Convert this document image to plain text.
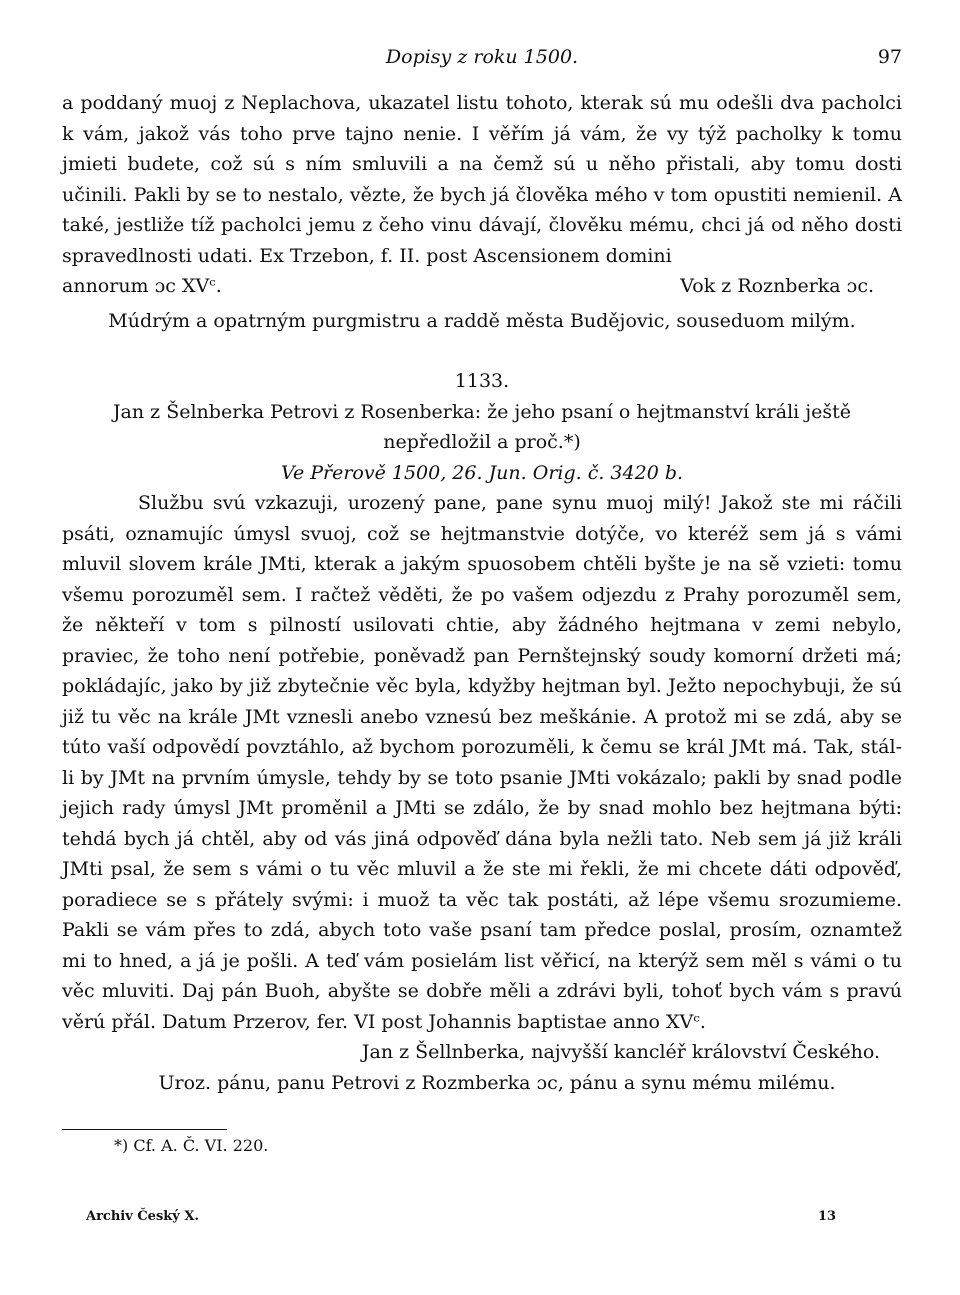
Dopisy z roku 1500.	97

a poddaný muoj z Neplachova, ukazatel listu tohoto, kterak sú mu odešli dva pacholci k vám, jakož vás toho prve tajno nenie. I věřím já vám, že vy týž pacholky k tomu jmieti budete, což sú s ním smluvili a na čemž sú u něho přistali, aby tomu dosti učinili. Pakli by se to nestalo, vězte, že bych já člověka mého v tom opustiti nemienil. A také, jestliže tíž pacholci jemu z čeho vinu dávají, člověku mému, chci já od něho dosti spravedlnosti udati. Ex Trzebon, f. II. post Ascensionem domini

annorum ɔc XVᶜ.	Vok z Roznberka ɔc.
Múdrým a opatrným purgmistru a raddě města Budějovic, souseduom milým.
1133.
Jan z Šelnberka Petrovi z Rosenberka: že jeho psaní o hejtmanství králi ještě nepředložil a proč.*)
Ve Přerově 1500, 26. Jun. Orig. č. 3420 b.

Službu svú vzkazuji, urozený pane, pane synu muoj milý! Jakož ste mi ráčili psáti, oznamujíc úmysl svuoj, což se hejtmanstvie dotýče, vo kteréž sem já s vámi mluvil slovem krále JMti, kterak a jakým spuosobem chtěli byšte je na sě vzieti: tomu všemu porozuměl sem. I račtež věděti, že po vašem odjezdu z Prahy porozuměl sem, že někteří v tom s pilností usilovati chtie, aby žádného hejtmana v zemi nebylo, praviec, že toho není potřebie, poněvadž pan Pernštejnský soudy komorní držeti má; pokládajíc, jako by již zbytečnie věc byla, kdyžby hejtman byl. Ježto nepochybuji, že sú již tu věc na krále JMt vznesli anebo vznesú bez meškánie. A protož mi se zdá, aby se túto vaší odpovědí povztáhlo, až bychom porozuměli, k čemu se král JMt má. Tak, stál-li by JMt na prvním úmysle, tehdy by se toto psanie JMti vokázalo; pakli by snad podle jejich rady úmysl JMt proměnil a JMti se zdálo, že by snad mohlo bez hejtmana býti: tehdá bych já chtěl, aby od vás jiná odpověď dána byla nežli tato. Neb sem já již králi JMti psal, že sem s vámi o tu věc mluvil a že ste mi řekli, že mi chcete dáti odpověď, poradiece se s přátely svými: i muož ta věc tak postáti, až lépe všemu srozumieme. Pakli se vám přes to zdá, abych toto vaše psaní tam předce poslal, prosím, oznamtež mi to hned, a já je pošli. A teď vám posielám list věřicí, na kterýž sem měl s vámi o tu věc mluviti. Daj pán Buoh, abyšte se dobře měli a zdrávi byli, tohoť bych vám s pravú věrú přál. Datum Przerov, fer. VI post Johannis baptistae anno XVᶜ.

Jan z Šellnberka, najvyšší kancléř království Českého.
Uroz. pánu, panu Petrovi z Rozmberka ɔc, pánu a synu mému milému.
*) Cf. A. Č. VI. 220.
Archiv Český X.	13
